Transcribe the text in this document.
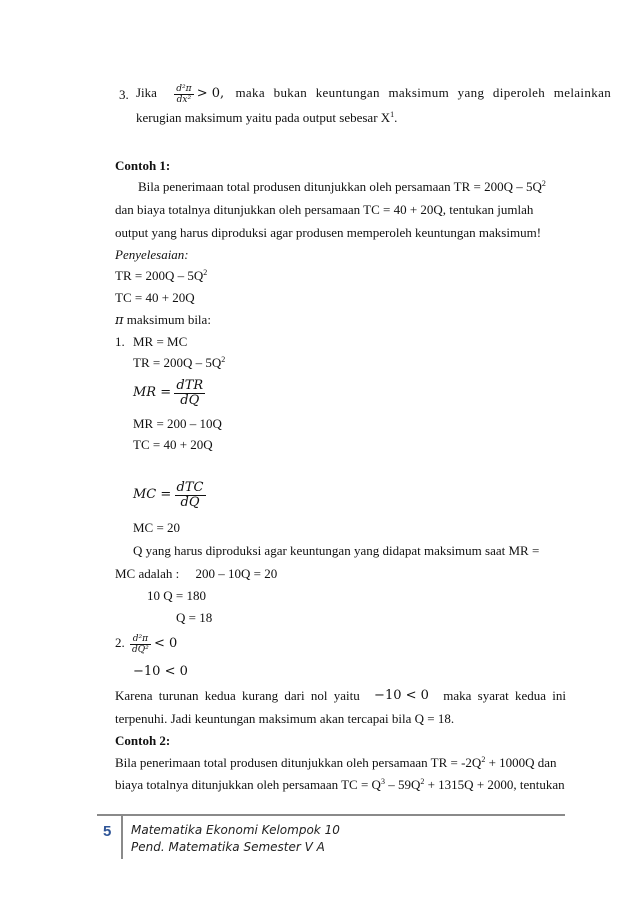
3. Jika $\frac{\text{d²π}}{\text{dx²}} > 0$, maka bukan keuntungan maksimum yang diperoleh melainkan
kerugian maksimum yaitu pada output sebesar $X^1$.
Contoh 1:
Bila penerimaan total produsen ditunjukkan oleh persamaan TR = $200Q - 5Q^2$
dan biaya totalnya ditunjukkan oleh persamaan TC = 40 + 20Q, tentukan jumlah
output yang harus diproduksi agar produsen memperoleh keuntungan maksimum!
Penyelesaian:
TR = $200Q - 5Q^2$
TC = 40 + 20Q
π maksimum bila:
1. MR = MC
TR = $200Q - 5Q^2$
MR = $\frac{\text{dTR}}{dQ}$
MR = 200 – 10Q
TC = 40 + 20Q
MC = $\frac{\text{dTC}}{dQ}$
MC = 20
Q yang harus diproduksi agar keuntungan yang didapat maksimum saat MR =
MC adalah :     200 – 10Q = 20
10 Q = 180
Q = 18
2. $\frac{\text{d²π}}{\text{dQ²}} < 0$
−10 < 0
Karena turunan kedua kurang dari nol yaitu −10 < 0 maka syarat kedua ini
terpenuhi. Jadi keuntungan maksimum akan tercapai bila Q = 18.
Contoh 2:
Bila penerimaan total produsen ditunjukkan oleh persamaan TR = $-2Q^2 + 1000Q$ dan
biaya totalnya ditunjukkan oleh persamaan TC = $Q^3 - 59Q^2 + 1315Q + 2000$, tentukan
5 Matematika Ekonomi Kelompok 10
Pend. Matematika Semester V A
